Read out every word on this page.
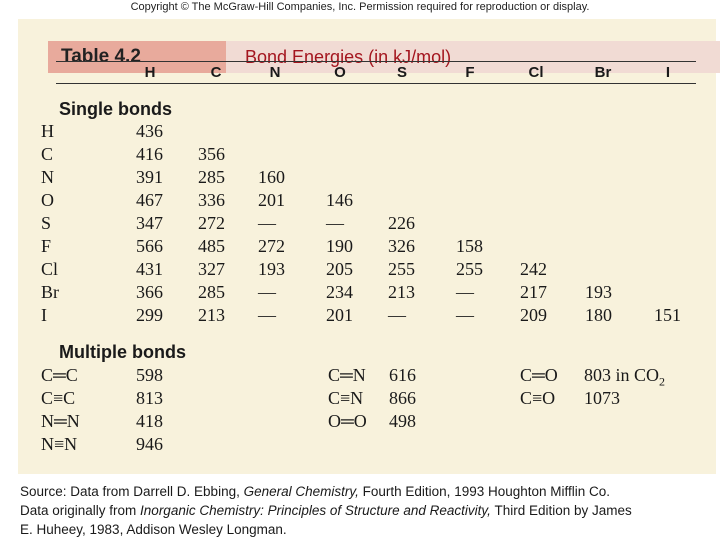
Copyright © The McGraw-Hill Companies, Inc. Permission required for reproduction or display.
Table 4.2	Bond Energies (in kJ/mol)
H	C	N	O	S	F	Cl	Br	I
Single bonds
H	436
C	416 356
N	391 285 160
O	467 336 201 146
S	347 272 —	— 226
F	566 485 272 190 326 158
Cl	431 327 193 205 255 255 242
Br	366 285 —	234 213 —	217 193
I	299 213 —	201 —	—	209 180 151
Multiple bonds
C═C	598	C═N 616	C═O 803 in $CO_2$
C≡C	813	C≡N 866	C≡O 1073
N═N	418	O═O 498
N≡N	946
Source: Data from Darrell D. Ebbing, General Chemistry, Fourth Edition, 1993 Houghton Mifflin Co.
Data originally from Inorganic Chemistry: Principles of Structure and Reactivity, Third Edition by James
E. Huheey, 1983, Addison Wesley Longman.
